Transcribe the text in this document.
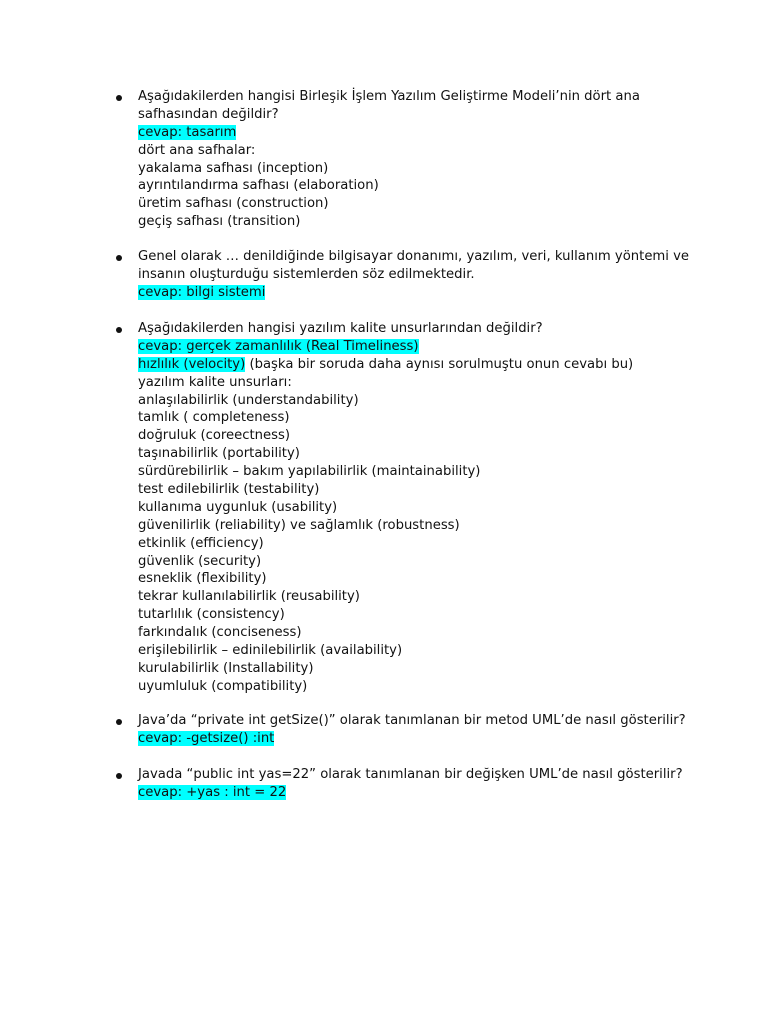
Aşağıdakilerden hangisi Birleşik İşlem Yazılım Geliştirme Modeli’nin dört ana
safhasından değildir?
cevap: tasarım
dört ana safhalar:
yakalama safhası (inception)
ayrıntılandırma safhası (elaboration)
üretim safhası (construction)
geçiş safhası (transition)
Genel olarak … denildiğinde bilgisayar donanımı, yazılım, veri, kullanım yöntemi ve
insanın oluşturduğu sistemlerden söz edilmektedir.
cevap: bilgi sistemi
Aşağıdakilerden hangisi yazılım kalite unsurlarından değildir?
cevap: gerçek zamanlılık (Real Timeliness)
hızlılık (velocity) (başka bir soruda daha aynısı sorulmuştu onun cevabı bu)
yazılım kalite unsurları:
anlaşılabilirlik (understandability)
tamlık ( completeness)
doğruluk (coreectness)
taşınabilirlik (portability)
sürdürebilirlik – bakım yapılabilirlik (maintainability)
test edilebilirlik (testability)
kullanıma uygunluk (usability)
güvenilirlik (reliability) ve sağlamlık (robustness)
etkinlik (efficiency)
güvenlik (security)
esneklik (flexibility)
tekrar kullanılabilirlik (reusability)
tutarlılık (consistency)
farkındalık (conciseness)
erişilebilirlik – edinilebilirlik (availability)
kurulabilirlik (Installability)
uyumluluk (compatibility)
Java’da “private int getSize()” olarak tanımlanan bir metod UML’de nasıl gösterilir?
cevap: -getsize() :int
Javada “public int yas=22” olarak tanımlanan bir değişken UML’de nasıl gösterilir?
cevap: +yas : int = 22
